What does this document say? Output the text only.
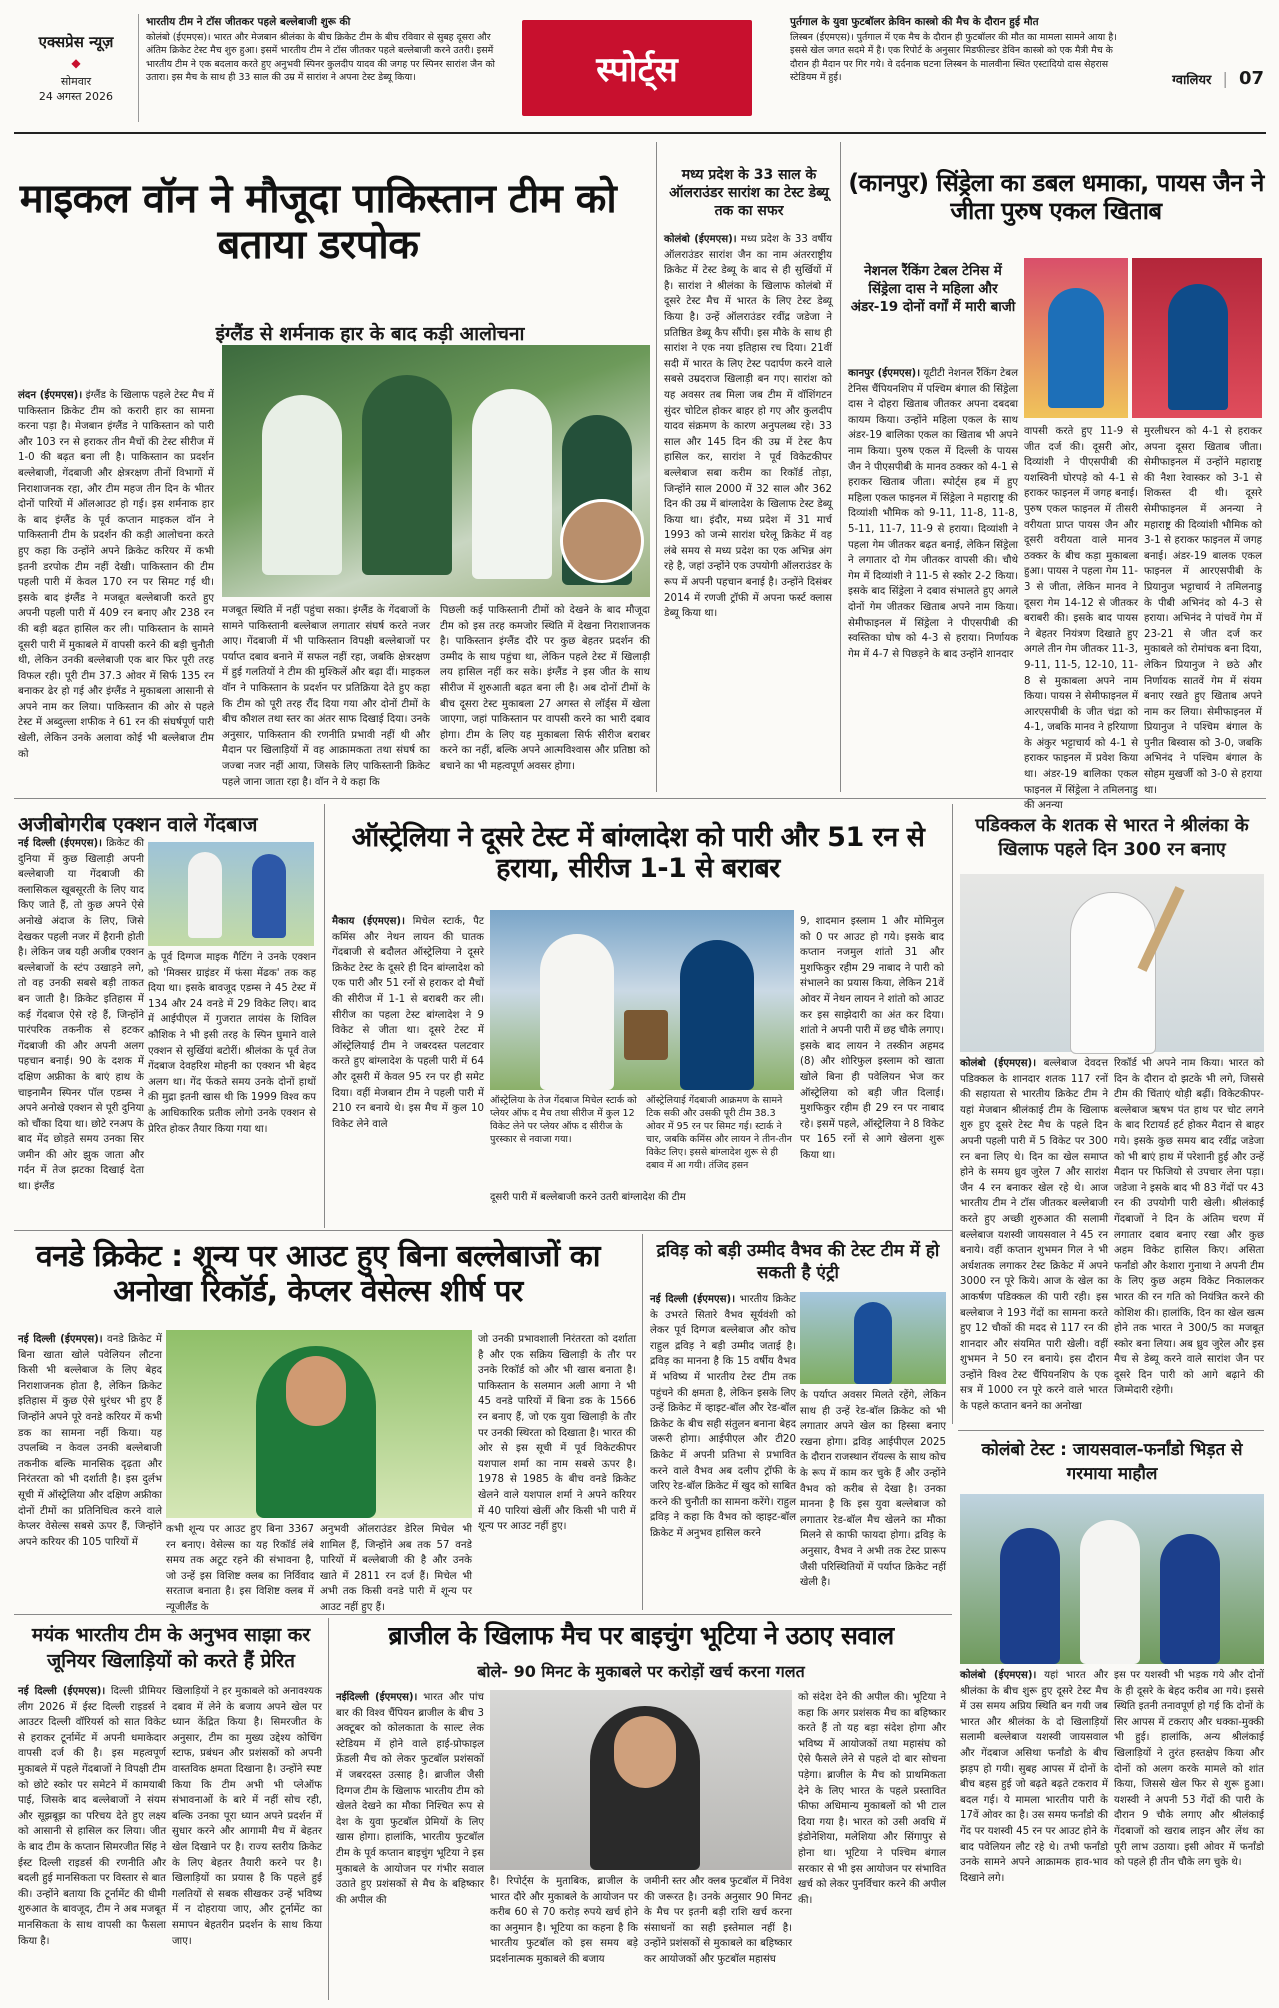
एक्सप्रेस न्यूज़
◆
सोमवार
24 अगस्त 2026
भारतीय टीम ने टॉस जीतकर पहले बल्लेबाजी शुरू की
कोलंबो (ईएमएस)। भारत और मेजबान श्रीलंका के बीच क्रिकेट टीम के बीच रविवार से सुबह दूसरा और अंतिम क्रिकेट टेस्ट मैच शुरु हुआ। इसमें भारतीय टीम ने टॉस जीतकर पहले बल्लेबाजी करने उतरी। इसमें भारतीय टीम ने एक बदलाव करते हुए अनुभवी स्पिनर कुलदीप यादव की जगह पर स्पिनर सारांश जैन को उतारा। इस मैच के साथ ही 33 साल की उम्र में सारांश ने अपना टेस्ट डेब्यू किया।	स्पोर्ट्स
पुर्तगाल के युवा फुटबॉलर क्रेविन कास्त्रो की मैच के दौरान हुई मौत
लिस्बन (ईएमएस)। पुर्तगाल में एक मैच के दौरान ही फुटबॉलर की मौत का मामला सामने आया है। इससे खेल जगत सदमे में है। एक रिपोर्ट के अनुसार मिडफील्डर डेविन कास्त्रो को एक मैत्री मैच के दौरान ही मैदान पर गिर गये। वे दर्दनाक घटना लिस्बन के मालवीना स्थित एस्टादियो दास सेहरास स्टेडियम में हुई।	ग्वालियर | 07
माइकल वॉन ने मौजूदा पाकिस्तान टीम को बताया डरपोक
इंग्लैंड से शर्मनाक हार के बाद कड़ी आलोचना
लंदन (ईएमएस)। इंग्लैंड के खिलाफ पहले टेस्ट मैच में पाकिस्तान क्रिकेट टीम को करारी हार का सामना करना पड़ा है। मेजबान इंग्लैंड ने पाकिस्तान को पारी और 103 रन से हराकर तीन मैचों की टेस्ट सीरीज में 1-0 की बढ़त बना ली है। पाकिस्तान का प्रदर्शन बल्लेबाजी, गेंदबाजी और क्षेत्ररक्षण तीनों विभागों में निराशाजनक रहा, और टीम महज तीन दिन के भीतर दोनों पारियों में ऑलआउट हो गई। इस शर्मनाक हार के बाद इंग्लैंड के पूर्व कप्तान माइकल वॉन ने पाकिस्तानी टीम के प्रदर्शन की कड़ी आलोचना करते हुए कहा कि उन्होंने अपने क्रिकेट करियर में कभी इतनी डरपोक टीम नहीं देखी। पाकिस्तान की टीम पहली पारी में केवल 170 रन पर सिमट गई थी। इसके बाद इंग्लैंड ने मजबूत बल्लेबाजी करते हुए अपनी पहली पारी में 409 रन बनाए और 238 रन की बड़ी बढ़त हासिल कर ली। पाकिस्तान के सामने दूसरी पारी में मुकाबले में वापसी करने की बड़ी चुनौती थी, लेकिन उनकी बल्लेबाजी एक बार फिर पूरी तरह विफल रही। पूरी टीम 37.3 ओवर में सिर्फ 135 रन बनाकर ढेर हो गई और इंग्लैंड ने मुकाबला आसानी से अपने नाम कर लिया। पाकिस्तान की ओर से पहले टेस्ट में अब्दुल्ला शफीक ने 61 रन की संघर्षपूर्ण पारी खेली, लेकिन उनके अलावा कोई भी बल्लेबाज टीम को
मजबूत स्थिति में नहीं पहुंचा सका। इंग्लैंड के गेंदबाजों के सामने पाकिस्तानी बल्लेबाज लगातार संघर्ष करते नजर आए। गेंदबाजी में भी पाकिस्तान विपक्षी बल्लेबाजों पर पर्याप्त दबाव बनाने में सफल नहीं रहा, जबकि क्षेत्ररक्षण में हुई गलतियों ने टीम की मुश्किलें और बढ़ा दीं। माइकल वॉन ने पाकिस्तान के प्रदर्शन पर प्रतिक्रिया देते हुए कहा कि टीम को पूरी तरह रौंद दिया गया और दोनों टीमों के बीच कौशल तथा स्तर का अंतर साफ दिखाई दिया। उनके अनुसार, पाकिस्तान की रणनीति प्रभावी नहीं थी और मैदान पर खिलाड़ियों में वह आक्रामकता तथा संघर्ष का जज्बा नजर नहीं आया, जिसके लिए पाकिस्तानी क्रिकेट पहले जाना जाता रहा है। वॉन ने ये कहा कि
पिछली कई पाकिस्तानी टीमों को देखने के बाद मौजूदा टीम को इस तरह कमजोर स्थिति में देखना निराशाजनक है। पाकिस्तान इंग्लैंड दौरे पर कुछ बेहतर प्रदर्शन की उम्मीद के साथ पहुंचा था, लेकिन पहले टेस्ट में खिलाड़ी लय हासिल नहीं कर सके। इंग्लैंड ने इस जीत के साथ सीरीज में शुरुआती बढ़त बना ली है। अब दोनों टीमों के बीच दूसरा टेस्ट मुकाबला 27 अगस्त से लॉर्ड्स में खेला जाएगा, जहां पाकिस्तान पर वापसी करने का भारी दबाव होगा। टीम के लिए यह मुकाबला सिर्फ सीरीज बराबर करने का नहीं, बल्कि अपने आत्मविश्वास और प्रतिष्ठा को बचाने का भी महत्वपूर्ण अवसर होगा।
मध्य प्रदेश के 33 साल के ऑलराउंडर सारांश का टेस्ट डेब्यू तक का सफर
कोलंबो (ईएमएस)। मध्य प्रदेश के 33 वर्षीय ऑलराउंडर सारांश जैन का नाम अंतरराष्ट्रीय क्रिकेट में टेस्ट डेब्यू के बाद से ही सुर्खियों में है। सारांश ने श्रीलंका के खिलाफ कोलंबो में दूसरे टेस्ट मैच में भारत के लिए टेस्ट डेब्यू किया है। उन्हें ऑलराउंडर रवींद्र जडेजा ने प्रतिष्ठित डेब्यू कैप सौंपी। इस मौके के साथ ही सारांश ने एक नया इतिहास रच दिया। 21वीं सदी में भारत के लिए टेस्ट पदार्पण करने वाले सबसे उम्रदराज खिलाड़ी बन गए। सारांश को यह अवसर तब मिला जब टीम में वॉशिंगटन सुंदर चोटिल होकर बाहर हो गए और कुलदीप यादव संक्रमण के कारण अनुपलब्ध रहे। 33 साल और 145 दिन की उम्र में टेस्ट कैप हासिल कर, सारांश ने पूर्व विकेटकीपर बल्लेबाज सबा करीम का रिकॉर्ड तोड़ा, जिन्होंने साल 2000 में 32 साल और 362 दिन की उम्र में बांग्लादेश के खिलाफ टेस्ट डेब्यू किया था। इंदौर, मध्य प्रदेश में 31 मार्च 1993 को जन्मे सारांश घरेलू क्रिकेट में वह लंबे समय से मध्य प्रदेश का एक अभिन्न अंग रहे है, जहां उन्होंने एक उपयोगी ऑलराउंडर के रूप में अपनी पहचान बनाई है। उन्होंने दिसंबर 2014 में रणजी ट्रॉफी में अपना फर्स्ट क्लास डेब्यू किया था।
(कानपुर) सिंड्रेला का डबल धमाका, पायस जैन ने जीता पुरुष एकल खिताब
नेशनल रैंकिंग टेबल टेनिस में सिंड्रेला दास ने महिला और अंडर-19 दोनों वर्गों में मारी बाजी
कानपुर (ईएमएस)। यूटीटी नेशनल रैंकिंग टेबल टेनिस चैंपियनशिप में पश्चिम बंगाल की सिंड्रेला दास ने दोहरा खिताब जीतकर अपना दबदबा कायम किया। उन्होंने महिला एकल के साथ अंडर-19 बालिका एकल का खिताब भी अपने नाम किया। पुरुष एकल में दिल्ली के पायस जैन ने पीएसपीबी के मानव ठक्कर को 4-1 से हराकर खिताब जीता। स्पोर्ट्स हब में हुए महिला एकल फाइनल में सिंड्रेला ने महाराष्ट्र की दिव्यांशी भौमिक को 9-11, 11-8, 11-8, 5-11, 11-7, 11-9 से हराया। दिव्यांशी ने पहला गेम जीतकर बढ़त बनाई, लेकिन सिंड्रेला ने लगातार दो गेम जीतकर वापसी की। चौथे गेम में दिव्यांशी ने 11-5 से स्कोर 2-2 किया। इसके बाद सिंड्रेला ने दबाव संभालते हुए अगले दोनों गेम जीतकर खिताब अपने नाम किया। सेमीफाइनल में सिंड्रेला ने पीएसपीबी की स्वस्तिका घोष को 4-3 से हराया। निर्णायक गेम में 4-7 से पिछड़ने के बाद उन्होंने शानदार
वापसी करते हुए 11-9 से जीत दर्ज की। दूसरी ओर, दिव्यांशी ने पीएसपीबी की यशस्विनी घोरपड़े को 4-1 से हराकर फाइनल में जगह बनाई। पुरुष एकल फाइनल में तीसरी वरीयता प्राप्त पायस जैन और दूसरी वरीयता वाले मानव ठक्कर के बीच कड़ा मुकाबला हुआ। पायस ने पहला गेम 11-3 से जीता, लेकिन मानव ने दूसरा गेम 14-12 से जीतकर बराबरी की। इसके बाद पायस ने बेहतर नियंत्रण दिखाते हुए अगले तीन गेम जीतकर 11-3, 9-11, 11-5, 12-10, 11-8 से मुकाबला अपने नाम किया। पायस ने सेमीफाइनल में आरएसपीबी के जीत चंद्रा को 4-1, जबकि मानव ने हरियाणा के अंकुर भट्टाचार्य को 4-1 से हराकर फाइनल में प्रवेश किया था। अंडर-19 बालिका एकल फाइनल में सिंड्रेला ने तमिलनाडु की अनन्या
मुरलीधरन को 4-1 से हराकर अपना दूसरा खिताब जीता। सेमीफाइनल में उन्होंने महाराष्ट्र की नैशा रेवास्कर को 3-1 से शिकस्त दी थी। दूसरे सेमीफाइनल में अनन्या ने महाराष्ट्र की दिव्यांशी भौमिक को 3-1 से हराकर फाइनल में जगह बनाई। अंडर-19 बालक एकल फाइनल में आरएसपीबी के प्रियानुज भट्टाचार्य ने तमिलनाडु के पीबी अभिनंद को 4-3 से हराया। अभिनंद ने पांचवें गेम में 23-21 से जीत दर्ज कर मुकाबले को रोमांचक बना दिया, लेकिन प्रियानुज ने छठे और निर्णायक सातवें गेम में संयम बनाए रखते हुए खिताब अपने नाम कर लिया। सेमीफाइनल में प्रियानुज ने पश्चिम बंगाल के पुनीत बिस्वास को 3-0, जबकि अभिनंद ने पश्चिम बंगाल के सोहम मुखर्जी को 3-0 से हराया था।
अजीबोगरीब एक्शन वाले गेंदबाज
नई दिल्ली (ईएमएस)। क्रिकेट की दुनिया में कुछ खिलाड़ी अपनी बल्लेबाजी या गेंदबाजी की क्लासिकल खूबसूरती के लिए याद किए जाते हैं, तो कुछ अपने ऐसे अनोखे अंदाज के लिए, जिसे देखकर पहली नजर में हैरानी होती है। लेकिन जब यही अजीब एक्शन बल्लेबाजों के स्टंप उखाड़ने लगे, तो वह उनकी सबसे बड़ी ताकत बन जाती है। क्रिकेट इतिहास में कई गेंदबाज ऐसे रहे हैं, जिन्होंने पारंपरिक तकनीक से हटकर गेंदबाजी की और अपनी अलग पहचान बनाई। 90 के दशक में दक्षिण अफ्रीका के बाएं हाथ के चाइनामैन स्पिनर पॉल एडम्स ने अपने अनोखे एक्शन से पूरी दुनिया को चौंका दिया था। छोटे रनअप के बाद मेंद छोड़ते समय उनका सिर जमीन की ओर झुक जाता और गर्दन में तेज झटका दिखाई देता था। इंग्लैंड
के पूर्व दिग्गज माइक गैटिंग ने उनके एक्शन को 'मिक्सर ग्राइंडर में फंसा मेंढक' तक कह दिया था। इसके बावजूद एडम्स ने 45 टेस्ट में 134 और 24 वनडे में 29 विकेट लिए। बाद में आईपीएल में गुजरात लायंस के शिविल कौशिक ने भी इसी तरह के स्पिन घुमाने वाले एक्शन से सुर्खियां बटोरीं। श्रीलंका के पूर्व तेज गेंदबाज देवहरिश मोहनी का एक्शन भी बेहद अलग था। गेंद फेंकते समय उनके दोनों हाथों की मुद्रा इतनी खास थी कि 1999 विश्व कप के आधिकारिक प्रतीक लोगो उनके एक्शन से प्रेरित होकर तैयार किया गया था।
ऑस्ट्रेलिया ने दूसरे टेस्ट में बांग्लादेश को पारी और 51 रन से हराया, सीरीज 1-1 से बराबर
मैकाय (ईएमएस)। मिचेल स्टार्क, पैट कमिंस और नेथन लायन की घातक गेंदबाजी से बदौलत ऑस्ट्रेलिया ने दूसरे क्रिकेट टेस्ट के दूसरे ही दिन बांग्लादेश को एक पारी और 51 रनों से हराकर दो मैचों की सीरीज में 1-1 से बराबरी कर ली। सीरीज का पहला टेस्ट बांग्लादेश ने 9 विकेट से जीता था। दूसरे टेस्ट में ऑस्ट्रेलियाई टीम ने जबरदस्त पलटवार करते हुए बांग्लादेश के पहली पारी में 64 और दूसरी में केवल 95 रन पर ही समेट दिया। वहीं मेजबान टीम ने पहली पारी में 210 रन बनाये थे। इस मैच में कुल 10 विकेट लेने वाले
ऑस्ट्रेलिया के तेज गेंदबाज मिचेल स्टार्क को प्लेयर ऑफ द मैच तथा सीरीज में कुल 12 विकेट लेने पर प्लेयर ऑफ द सीरीज के पुरस्कार से नवाजा गया।
ऑस्ट्रेलियाई गेंदबाजी आक्रमण के सामने टिक सकी और उसकी पूरी टीम 38.3 ओवर में 95 रन पर सिमट गई। स्टार्क ने चार, जबकि कमिंस और लायन ने तीन-तीन विकेट लिए। इससे बांग्लादेश शुरू से ही दबाव में आ गयी। तंजिद हसन
दूसरी पारी में बल्लेबाजी करने उतरी बांग्लादेश की टीम
9, शादमान इस्लाम 1 और मोमिनुल को 0 पर आउट हो गये। इसके बाद कप्तान नजमुल शांतो 31 और मुशफिकुर रहीम 29 नाबाद ने पारी को संभालने का प्रयास किया, लेकिन 21वें ओवर में नेथन लायन ने शांतो को आउट कर इस साझेदारी का अंत कर दिया। शांतो ने अपनी पारी में छह चौके लगाए। इसके बाद लायन ने तस्कीन अहमद (8) और शोरिफुल इस्लाम को खाता खोले बिना ही पवेलियन भेज कर ऑस्ट्रेलिया को बड़ी जीत दिलाई। मुशफिकुर रहीम ही 29 रन पर नाबाद रहे। इसमें पहले, ऑस्ट्रेलिया ने 8 विकेट पर 165 रनों से आगे खेलना शुरू किया था।
पडिक्कल के शतक से भारत ने श्रीलंका के खिलाफ पहले दिन 300 रन बनाए
कोलंबो (ईएमएस)। बल्लेबाज देवदत्त पडिक्कल के शानदार शतक 117 रनों की सहायता से भारतीय क्रिकेट टीम ने यहां मेजबान श्रीलंकाई टीम के खिलाफ शुरु हुए दूसरे टेस्ट मैच के पहले दिन अपनी पहली पारी में 5 विकेट पर 300 रन बना लिए थे। दिन का खेल समाप्त होने के समय ध्रुव जुरेल 7 और सारांश जैन 4 रन बनाकर खेल रहे थे। आज भारतीय टीम ने टॉस जीतकर बल्लेबाजी करते हुए अच्छी शुरुआत की सलामी बल्लेबाज यशस्वी जायसवाल ने 45 रन बनाये। वहीं कप्तान शुभमन गिल ने भी अर्धशतक लगाकर टेस्ट क्रिकेट में अपने 3000 रन पूरे किये। आज के खेल का आकर्षण पडिक्कल की पारी रही। इस बल्लेबाज ने 193 गेंदों का सामना करते हुए 12 चौकों की मदद से 117 रन की शानदार और संयमित पारी खेली। वहीं शुभमन ने 50 रन बनाये। इस दौरान उन्होंने विश्व टेस्ट चैंपियनशिप के एक सत्र में 1000 रन पूरे करने वाले भारत के पहले कप्तान बनने का अनोखा
रिकॉर्ड भी अपने नाम किया। भारत को दिन के दौरान दो झटके भी लगे, जिससे टीम की चिंताएं थोड़ी बढ़ीं। विकेटकीपर-बल्लेबाज ऋषभ पंत हाथ पर चोट लगने के बाद रिटायर्ड हर्ट होकर मैदान से बाहर गये। इसके कुछ समय बाद रवींद्र जडेजा को भी बाएं हाथ में परेशानी हुई और उन्हें मैदान पर फिजियो से उपचार लेना पड़ा। जडेजा ने इसके बाद भी 83 गेंदों पर 43 रन की उपयोगी पारी खेली। श्रीलंकाई गेंदबाजों ने दिन के अंतिम चरण में लगातार दबाव बनाए रखा और कुछ अहम विकेट हासिल किए। असिता फर्नांडो और केशारा गुनाथा ने अपनी टीम के लिए कुछ अहम विकेट निकालकर भारत की रन गति को नियंत्रित करने की कोशिश की। हालांकि, दिन का खेल खत्म होने तक भारत ने 300/5 का मजबूत स्कोर बना लिया। अब ध्रुव जुरेल और इस मैच से डेब्यू करने वाले सारांश जैन पर दूसरे दिन पारी को आगे बढ़ाने की जिम्मेदारी रहेगी।
वनडे क्रिकेट : शून्य पर आउट हुए बिना बल्लेबाजों का अनोखा रिकॉर्ड, केप्लर वेसेल्स शीर्ष पर
नई दिल्ली (ईएमएस)। वनडे क्रिकेट में बिना खाता खोले पवेलियन लौटना किसी भी बल्लेबाज के लिए बेहद निराशाजनक होता है, लेकिन क्रिकेट इतिहास में कुछ ऐसे धुरंधर भी हुए हैं जिन्होंने अपने पूरे वनडे करियर में कभी डक का सामना नहीं किया। यह उपलब्धि न केवल उनकी बल्लेबाजी तकनीक बल्कि मानसिक दृढ़ता और निरंतरता को भी दर्शाती है। इस दुर्लभ सूची में ऑस्ट्रेलिया और दक्षिण अफ्रीका दोनों टीमों का प्रतिनिधित्व करने वाले केप्लर वेसेल्स सबसे ऊपर हैं, जिन्होंने अपने करियर की 105 पारियों में
कभी शून्य पर आउट हुए बिना 3367 रन बनाए। वेसेल्स का यह रिकॉर्ड लंबे समय तक अटूट रहने की संभावना है, जो उन्हें इस विशिष्ट क्लब का निर्विवाद सरताज बनाता है। इस विशिष्ट क्लब में न्यूजीलैंड के
अनुभवी ऑलराउंडर डेरिल मिचेल भी शामिल हैं, जिन्होंने अब तक 57 वनडे पारियों में बल्लेबाजी की है और उनके खाते में 2811 रन दर्ज हैं। मिचेल भी अभी तक किसी वनडे पारी में शून्य पर आउट नहीं हुए हैं।
जो उनकी प्रभावशाली निरंतरता को दर्शाता है और एक सक्रिय खिलाड़ी के तौर पर उनके रिकॉर्ड को और भी खास बनाता है। पाकिस्तान के सलमान अली आगा ने भी 45 वनडे पारियों में बिना डक के 1566 रन बनाए हैं, जो एक युवा खिलाड़ी के तौर पर उनकी स्थिरता को दिखाता है। भारत की ओर से इस सूची में पूर्व विकेटकीपर यशपाल शर्मा का नाम सबसे ऊपर है। 1978 से 1985 के बीच वनडे क्रिकेट खेलने वाले यशपाल शर्मा ने अपने करियर में 40 पारियां खेलीं और किसी भी पारी में शून्य पर आउट नहीं हुए।
द्रविड़ को बड़ी उम्मीद वैभव की टेस्ट टीम में हो सकती है एंट्री
नई दिल्ली (ईएमएस)। भारतीय क्रिकेट के उभरते सितारे वैभव सूर्यवंशी को लेकर पूर्व दिग्गज बल्लेबाज और कोच राहुल द्रविड़ ने बड़ी उम्मीद जताई है। द्रविड़ का मानना है कि 15 वर्षीय वैभव में भविष्य में भारतीय टेस्ट टीम तक पहुंचने की क्षमता है, लेकिन इसके लिए उन्हें क्रिकेट में व्हाइट-बॉल और रेड-बॉल क्रिकेट के बीच सही संतुलन बनाना बेहद जरूरी होगा। आईपीएल और टी20 क्रिकेट में अपनी प्रतिभा से प्रभावित करने वाले वैभव अब दलीप ट्रॉफी के जरिए रेड-बॉल क्रिकेट में खुद को साबित करने की चुनौती का सामना करेंगे। राहुल द्रविड़ ने कहा कि वैभव को व्हाइट-बॉल क्रिकेट में अनुभव हासिल करने
के पर्याप्त अवसर मिलते रहेंगे, लेकिन साथ ही उन्हें रेड-बॉल क्रिकेट को भी लगातार अपने खेल का हिस्सा बनाए रखना होगा। द्रविड़ आईपीएल 2025 के दौरान राजस्थान रॉयल्स के साथ कोच के रूप में काम कर चुके हैं और उन्होंने वैभव को करीब से देखा है। उनका मानना है कि इस युवा बल्लेबाज को लगातार रेड-बॉल मैच खेलने का मौका मिलने से काफी फायदा होगा। द्रविड़ के अनुसार, वैभव ने अभी तक टेस्ट प्रारूप जैसी परिस्थितियों में पर्याप्त क्रिकेट नहीं खेली है।
कोलंबो टेस्ट : जायसवाल-फर्नांडो भिड़त से गरमाया माहौल
कोलंबो (ईएमएस)। यहां भारत और श्रीलंका के बीच शुरू हुए दूसरे टेस्ट मैच में उस समय अप्रिय स्थिति बन गयी जब भारत और श्रीलंका के दो खिलाड़ियों सलामी बल्लेबाज यशस्वी जायसवाल और गेंदबाज असिथा फर्नांडो के बीच झड़प हो गयी। सुबह आपस में दोनों के बीच बहस हुई जो बढ़ते बढ़ते टकराव में बदल गई। ये मामला भारतीय पारी के 17वें ओवर का है। उस समय फर्नांडो की गेंद पर यशस्वी 45 रन पर आउट होने के बाद पवेलियन लौट रहे थे। तभी फर्नांडो उनके सामने अपने आक्रामक हाव-भाव दिखाने लगे।
इस पर यशस्वी भी भड़क गये और दोनों के ही दूसरे के बेहद करीब आ गये। इससे स्थिति इतनी तनावपूर्ण हो गई कि दोनों के सिर आपस में टकराए और धक्का-मुक्की भी हुई। हालांकि, अन्य श्रीलंकाई खिलाड़ियों ने तुरंत हस्तक्षेप किया और दोनों को अलग करके मामले को शांत किया, जिससे खेल फिर से शुरू हुआ। यशस्वी ने अपनी 53 गेंदों की पारी के दौरान 9 चौके लगाए और श्रीलंकाई गेंदबाजों को खराब लाइन और लेंथ का पूरी लाभ उठाया। इसी ओवर में फर्नांडो को पहले ही तीन चौके लग चुके थे।
मयंक भारतीय टीम के अनुभव साझा कर जूनियर खिलाड़ियों को करते हैं प्रेरित
नई दिल्ली (ईएमएस)। दिल्ली प्रीमियर लीग 2026 में ईस्ट दिल्ली राइडर्स ने आउटर दिल्ली वॉरियर्स को सात विकेट से हराकर टूर्नामेंट में अपनी धमाकेदार वापसी दर्ज की है। इस महत्वपूर्ण मुकाबले में पहले गेंदबाजों ने विपक्षी टीम को छोटे स्कोर पर समेटने में कामयाबी पाई, जिसके बाद बल्लेबाजों ने संयम और सूझबूझ का परिचय देते हुए लक्ष्य को आसानी से हासिल कर लिया। जीत के बाद टीम के कप्तान सिमरजीत सिंह ने ईस्ट दिल्ली राइडर्स की रणनीति और बदली हुई मानसिकता पर विस्तार से बात की। उन्होंने बताया कि टूर्नामेंट की धीमी शुरुआत के बावजूद, टीम ने अब मजबूत मानसिकता के साथ वापसी का फैसला किया है।
खिलाड़ियों ने हर मुकाबले को अनावश्यक दबाव में लेने के बजाय अपने खेल पर ध्यान केंद्रित किया है। सिमरजीत के अनुसार, टीम का मुख्य उद्देश्य कोचिंग स्टाफ, प्रबंधन और प्रशंसकों को अपनी वास्तविक क्षमता दिखाना है। उन्होंने स्पष्ट किया कि टीम अभी भी प्लेऑफ संभावनाओं के बारे में नहीं सोच रही, बल्कि उनका पूरा ध्यान अपने प्रदर्शन में सुधार करने और आगामी मैच में बेहतर खेल दिखाने पर है। राज्य स्तरीय क्रिकेट के लिए बेहतर तैयारी करने पर है। खिलाड़ियों का प्रयास है कि पहले हुई गलतियों से सबक सीखकर उन्हें भविष्य में न दोहराया जाए, और टूर्नामेंट का समापन बेहतरीन प्रदर्शन के साथ किया जाए।
ब्राजील के खिलाफ मैच पर बाइचुंग भूटिया ने उठाए सवाल
बोले- 90 मिनट के मुकाबले पर करोड़ों खर्च करना गलत
नईदिल्ली (ईएमएस)। भारत और पांच बार की विश्व चैंपियन ब्राजील के बीच 3 अक्टूबर को कोलकाता के साल्ट लेक स्टेडियम में होने वाले हाई-प्रोफाइल फ्रेंडली मैच को लेकर फुटबॉल प्रशंसकों में जबरदस्त उत्साह है। ब्राजील जैसी दिग्गज टीम के खिलाफ भारतीय टीम को खेलते देखने का मौका निश्चित रूप से देश के युवा फुटबॉल प्रेमियों के लिए खास होगा। हालांकि, भारतीय फुटबॉल टीम के पूर्व कप्तान बाइचुंग भूटिया ने इस मुकाबले के आयोजन पर गंभीर सवाल उठाते हुए प्रशंसकों से मैच के बहिष्कार की अपील की
है। रिपोर्ट्स के मुताबिक, ब्राजील के भारत दौरे और मुकाबले के आयोजन पर करीब 60 से 70 करोड़ रुपये खर्च होने का अनुमान है। भूटिया का कहना है कि भारतीय फुटबॉल को इस समय बड़े प्रदर्शनात्मक मुकाबले की बजाय
जमीनी स्तर और क्लब फुटबॉल में निवेश की जरूरत है। उनके अनुसार 90 मिनट के मैच पर इतनी बड़ी राशि खर्च करना संसाधनों का सही इस्तेमाल नहीं है। उन्होंने प्रशंसकों से मुकाबले का बहिष्कार कर आयोजकों और फुटबॉल महासंघ
को संदेश देने की अपील की। भूटिया ने कहा कि अगर प्रशंसक मैच का बहिष्कार करते हैं तो यह बड़ा संदेश होगा और भविष्य में आयोजकों तथा महासंघ को ऐसे फैसले लेने से पहले दो बार सोचना पड़ेगा। ब्राजील के मैच को प्राथमिकता देने के लिए भारत के पहले प्रस्तावित फीफा अधिमान्य मुकाबलों को भी टाल दिया गया है। भारत को उसी अवधि में इंडोनेशिया, मलेशिया और सिंगापुर से होना था। भूटिया ने पश्चिम बंगाल सरकार से भी इस आयोजन पर संभावित खर्च को लेकर पुनर्विचार करने की अपील की।
